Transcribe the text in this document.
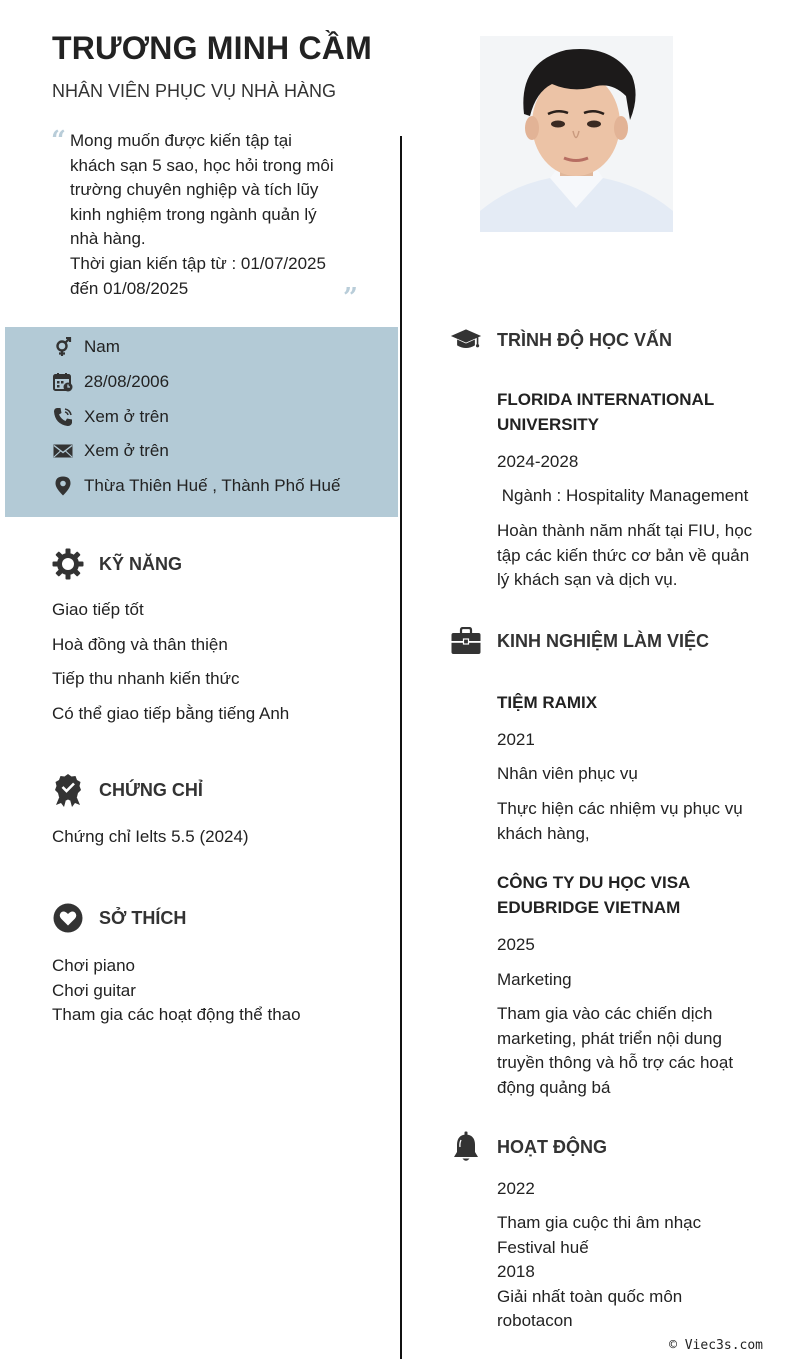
TRƯƠNG MINH CẦM
NHÂN VIÊN PHỤC VỤ NHÀ HÀNG
“ Mong muốn được kiến tập tại
khách sạn 5 sao, học hỏi trong môi
trường chuyên nghiệp và tích lũy
kinh nghiệm trong ngành quản lý
nhà hàng.
Thời gian kiến tập từ : 01/07/2025
đến 01/08/2025	”
Nam
28/08/2006
Xem ở trên
Xem ở trên
Thừa Thiên Huế , Thành Phố Huế
KỸ NĂNG
Giao tiếp tốt
Hoà đồng và thân thiện
Tiếp thu nhanh kiến thức
Có thể giao tiếp bằng tiếng Anh
CHỨNG CHỈ
Chứng chỉ Ielts 5.5 (2024)
SỞ THÍCH
Chơi piano
Chơi guitar
Tham gia các hoạt động thể thao
TRÌNH ĐỘ HỌC VẤN
FLORIDA INTERNATIONAL
UNIVERSITY
2024-2028
Ngành : Hospitality Management
Hoàn thành năm nhất tại FIU, học
tập các kiến thức cơ bản về quản
lý khách sạn và dịch vụ.
KINH NGHIỆM LÀM VIỆC
TIỆM RAMIX
2021
Nhân viên phục vụ
Thực hiện các nhiệm vụ phục vụ
khách hàng,
CÔNG TY DU HỌC VISA
EDUBRIDGE VIETNAM
2025
Marketing
Tham gia vào các chiến dịch
marketing, phát triển nội dung
truyền thông và hỗ trợ các hoạt
động quảng bá
HOẠT ĐỘNG
2022
Tham gia cuộc thi âm nhạc
Festival huế
2018
Giải nhất toàn quốc môn
robotacon
© Viec3s.com
